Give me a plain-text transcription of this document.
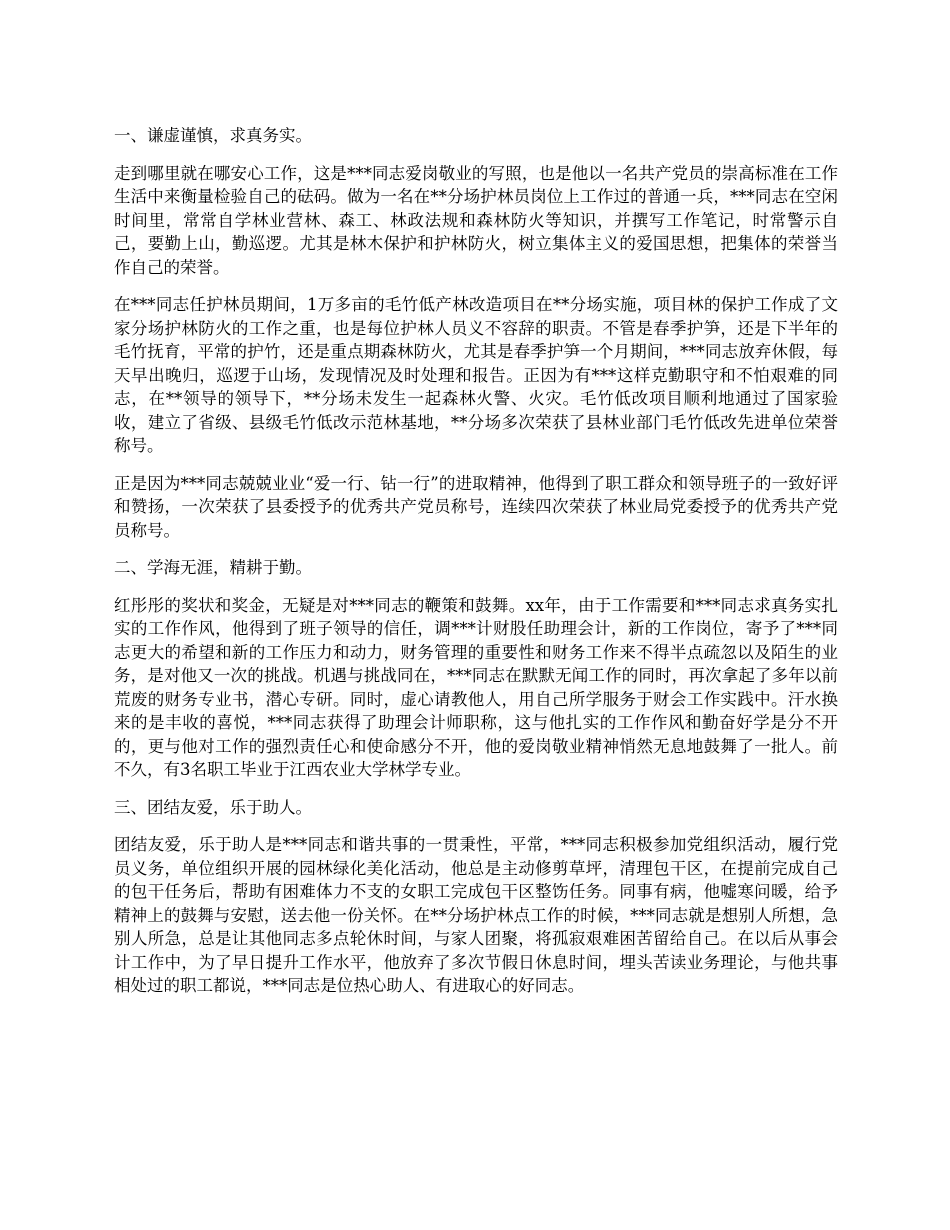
一、谦虚谨慎，求真务实。

走到哪里就在哪安心工作，这是***同志爱岗敬业的写照，也是他以一名共产党员的崇高标准在工作生活中来衡量检验自己的砝码。做为一名在**分场护林员岗位上工作过的普通一兵，***同志在空闲时间里，常常自学林业营林、森工、林政法规和森林防火等知识，并撰写工作笔记，时常警示自己，要勤上山，勤巡逻。尤其是林木保护和护林防火，树立集体主义的爱国思想，把集体的荣誉当作自己的荣誉。

在***同志任护林员期间，1万多亩的毛竹低产林改造项目在**分场实施，项目林的保护工作成了文家分场护林防火的工作之重，也是每位护林人员义不容辞的职责。不管是春季护笋，还是下半年的毛竹抚育，平常的护竹，还是重点期森林防火，尤其是春季护笋一个月期间，***同志放弃休假，每天早出晚归，巡逻于山场，发现情况及时处理和报告。正因为有***这样克勤职守和不怕艰难的同志，在**领导的领导下，**分场未发生一起森林火警、火灾。毛竹低改项目顺利地通过了国家验收，建立了省级、县级毛竹低改示范林基地，**分场多次荣获了县林业部门毛竹低改先进单位荣誉称号。

正是因为***同志兢兢业业“爱一行、钻一行”的进取精神，他得到了职工群众和领导班子的一致好评和赞扬，一次荣获了县委授予的优秀共产党员称号，连续四次荣获了林业局党委授予的优秀共产党员称号。

二、学海无涯，精耕于勤。

红彤彤的奖状和奖金，无疑是对***同志的鞭策和鼓舞。xx年，由于工作需要和***同志求真务实扎实的工作作风，他得到了班子领导的信任，调***计财股任助理会计，新的工作岗位，寄予了***同志更大的希望和新的工作压力和动力，财务管理的重要性和财务工作来不得半点疏忽以及陌生的业务，是对他又一次的挑战。机遇与挑战同在，***同志在默默无闻工作的同时，再次拿起了多年以前荒废的财务专业书，潜心专研。同时，虚心请教他人，用自己所学服务于财会工作实践中。汗水换来的是丰收的喜悦，***同志获得了助理会计师职称，这与他扎实的工作作风和勤奋好学是分不开的，更与他对工作的强烈责任心和使命感分不开，他的爱岗敬业精神悄然无息地鼓舞了一批人。前不久，有3名职工毕业于江西农业大学林学专业。

三、团结友爱，乐于助人。

团结友爱，乐于助人是***同志和谐共事的一贯秉性，平常，***同志积极参加党组织活动，履行党员义务，单位组织开展的园林绿化美化活动，他总是主动修剪草坪，清理包干区，在提前完成自己的包干任务后，帮助有困难体力不支的女职工完成包干区整饬任务。同事有病，他嘘寒问暖，给予精神上的鼓舞与安慰，送去他一份关怀。在**分场护林点工作的时候，***同志就是想别人所想，急别人所急，总是让其他同志多点轮休时间，与家人团聚，将孤寂艰难困苦留给自己。在以后从事会计工作中，为了早日提升工作水平，他放弃了多次节假日休息时间，埋头苦读业务理论，与他共事相处过的职工都说，***同志是位热心助人、有进取心的好同志。
